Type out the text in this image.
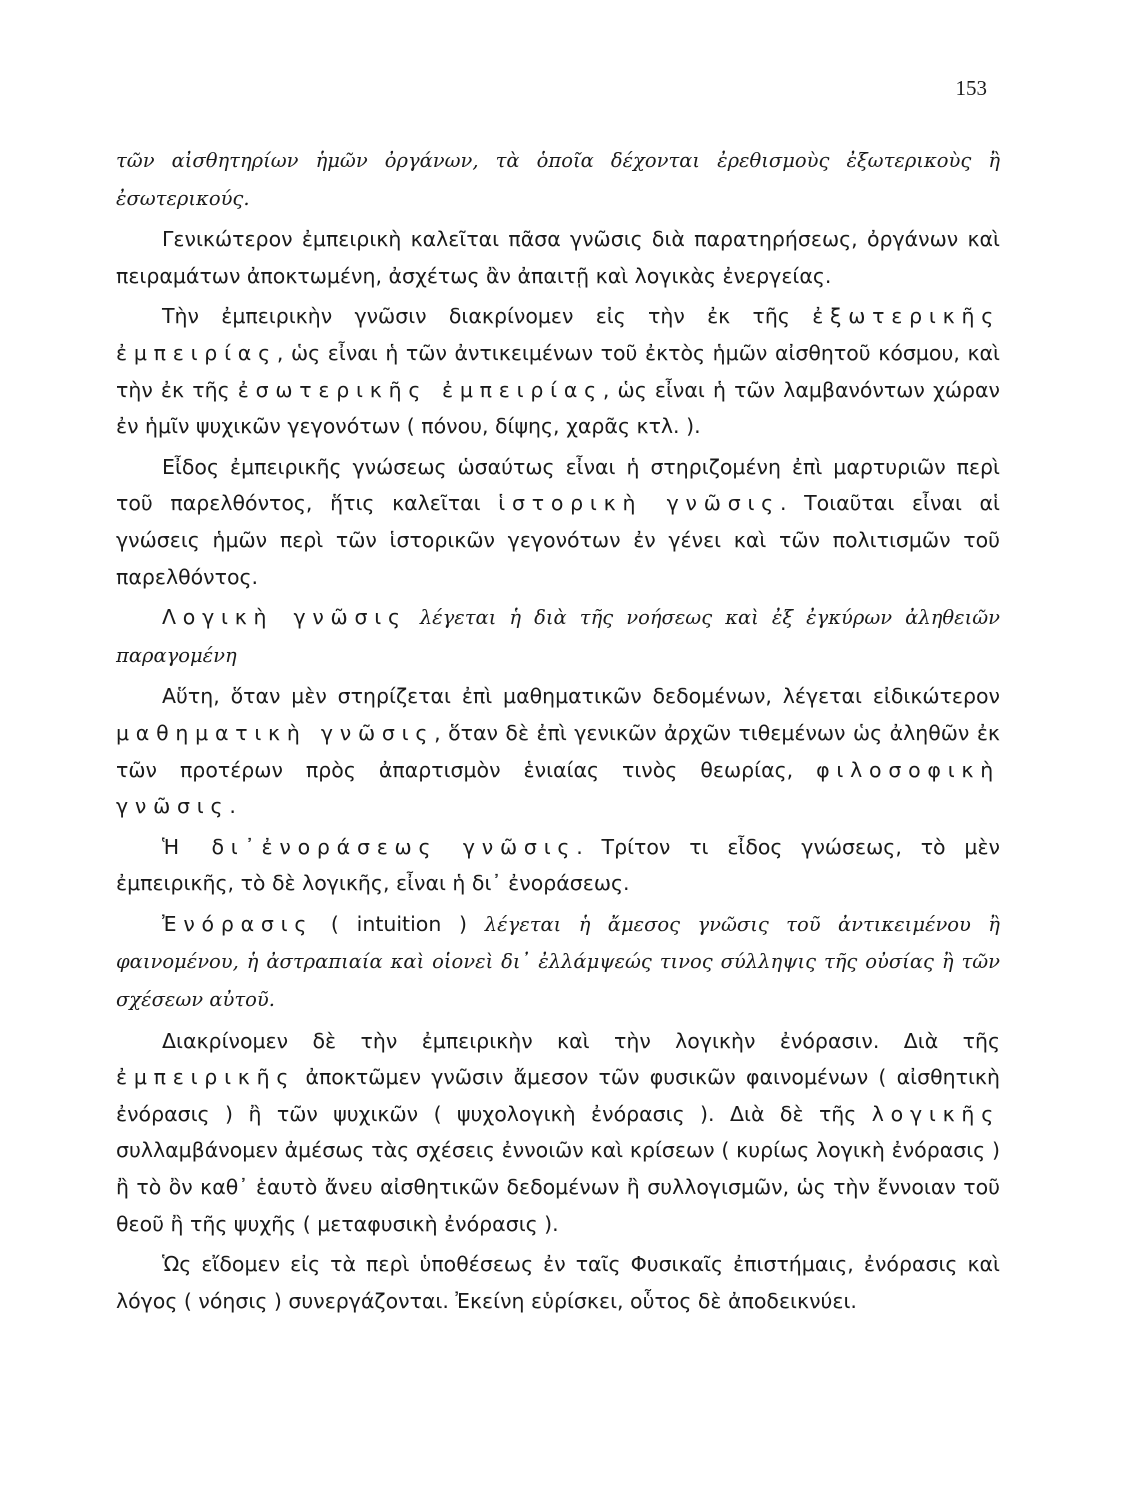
153

τῶν αἰσθητηρίων ἡμῶν ὀργάνων, τὰ ὁποῖα δέχονται ἐρεθισμοὺς ἐξωτερικοὺς ἢ ἐσωτερικούς.

Γενικώτερον ἐμπειρικὴ καλεῖται πᾶσα γνῶσις διὰ παρατηρήσεως, ὀργάνων καὶ πειραμάτων ἀποκτωμένη, ἀσχέτως ἂν ἀπαιτῇ καὶ λογικὰς ἐνεργείας.

Τὴν ἐμπειρικὴν γνῶσιν διακρίνομεν εἰς τὴν ἐκ τῆς ἐξωτερικῆς ἐμπειρίας, ὡς εἶναι ἡ τῶν ἀντικειμένων τοῦ ἐκτὸς ἡμῶν αἰσθητοῦ κόσμου, καὶ τὴν ἐκ τῆς ἐσωτερικῆς ἐμπειρίας, ὡς εἶναι ἡ τῶν λαμβανόντων χώραν ἐν ἡμῖν ψυχικῶν γεγονότων ( πόνου, δίψης, χαρᾶς κτλ. ).

Εἶδος ἐμπειρικῆς γνώσεως ὡσαύτως εἶναι ἡ στηριζομένη ἐπὶ μαρτυριῶν περὶ τοῦ παρελθόντος, ἥτις καλεῖται ἱστορικὴ γνῶσις. Τοιαῦται εἶναι αἱ γνώσεις ἡμῶν περὶ τῶν ἱστορικῶν γεγονότων ἐν γένει καὶ τῶν πολιτισμῶν τοῦ παρελθόντος.

Λογικὴ γνῶσις λέγεται ἡ διὰ τῆς νοήσεως καὶ ἐξ ἐγκύρων ἀληθειῶν παραγομένη

Αὕτη, ὅταν μὲν στηρίζεται ἐπὶ μαθηματικῶν δεδομένων, λέγεται εἰδικώτερον μαθηματικὴ γνῶσις, ὅταν δὲ ἐπὶ γενικῶν ἀρχῶν τιθεμένων ὡς ἀληθῶν ἐκ τῶν προτέρων πρὸς ἀπαρτισμὸν ἑνιαίας τινὸς θεωρίας, φιλοσοφικὴ γνῶσις.

Ἡ δι᾽ἐνοράσεως γνῶσις. Τρίτον τι εἶδος γνώσεως, τὸ μὲν ἐμπειρικῆς, τὸ δὲ λογικῆς, εἶναι ἡ δι᾽ ἐνοράσεως.

Ἐνόρασις ( intuition ) λέγεται ἡ ἄμεσος γνῶσις τοῦ ἀντικειμένου ἢ φαινομένου, ἡ ἀστραπιαία καὶ οἱονεὶ δι᾽ ἐλλάμψεώς τινος σύλληψις τῆς οὐσίας ἢ τῶν σχέσεων αὐτοῦ.

Διακρίνομεν δὲ τὴν ἐμπειρικὴν καὶ τὴν λογικὴν ἐνόρασιν. Διὰ τῆς ἐμπειρικῆς ἀποκτῶμεν γνῶσιν ἄμεσον τῶν φυσικῶν φαινομένων ( αἰσθητικὴ ἐνόρασις ) ἢ τῶν ψυχικῶν ( ψυχολογικὴ ἐνόρασις ). Διὰ δὲ τῆς λογικῆς συλλαμβάνομεν ἀμέσως τὰς σχέσεις ἐννοιῶν καὶ κρίσεων ( κυρίως λογικὴ ἐνόρασις ) ἢ τὸ ὂν καθ᾽ ἑαυτὸ ἄνευ αἰσθητικῶν δεδομένων ἢ συλλογισμῶν, ὡς τὴν ἔννοιαν τοῦ θεοῦ ἢ τῆς ψυχῆς ( μεταφυσικὴ ἐνόρασις ).

Ὡς εἴδομεν εἰς τὰ περὶ ὑποθέσεως ἐν ταῖς Φυσικαῖς ἐπιστήμαις, ἐνόρασις καὶ λόγος ( νόησις ) συνεργάζονται. Ἐκείνη εὑρίσκει, οὗτος δὲ ἀποδεικνύει.
